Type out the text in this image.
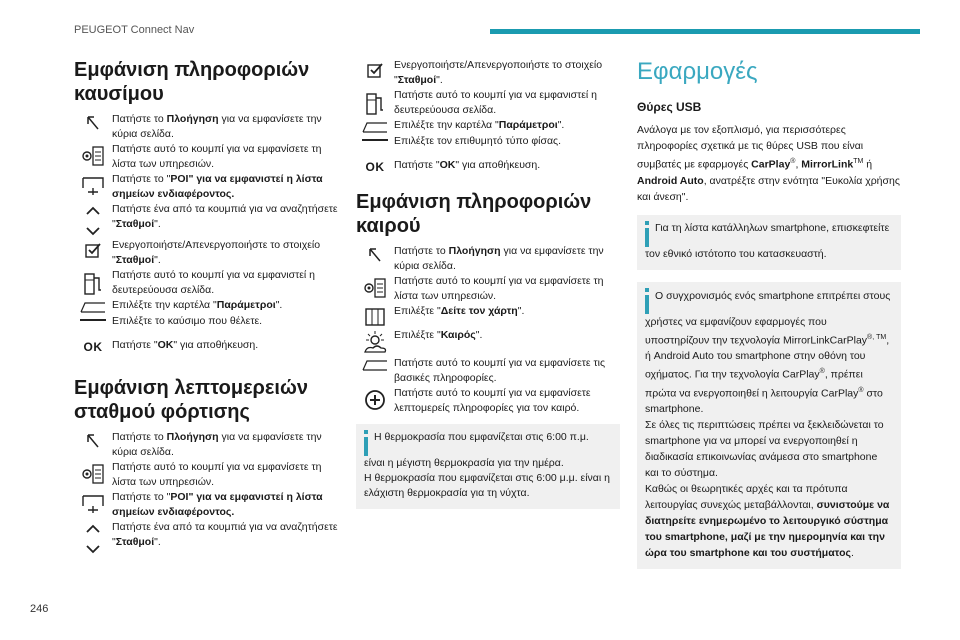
PEUGEOT Connect Nav
246
Εμφάνιση πληροφοριών καυσίμου
Πατήστε το Πλοήγηση για να εμφανίσετε την κύρια σελίδα.
Πατήστε αυτό το κουμπί για να εμφανίσετε τη λίστα των υπηρεσιών.
Πατήστε το "POI" για να εμφανιστεί η λίστα σημείων ενδιαφέροντος.
Πατήστε ένα από τα κουμπιά για να αναζητήσετε "Σταθμοί".
Ενεργοποιήστε/Απενεργοποιήστε το στοιχείο "Σταθμοί".
Πατήστε αυτό το κουμπί για να εμφανιστεί η δευτερεύουσα σελίδα.
Επιλέξτε την καρτέλα "Παράμετροι".
Επιλέξτε το καύσιμο που θέλετε.
OK Πατήστε "OK" για αποθήκευση.
Εμφάνιση λεπτομερειών σταθμού φόρτισης
Πατήστε το Πλοήγηση για να εμφανίσετε την κύρια σελίδα.
Πατήστε αυτό το κουμπί για να εμφανίσετε τη λίστα των υπηρεσιών.
Πατήστε το "POI" για να εμφανιστεί η λίστα σημείων ενδιαφέροντος.
Πατήστε ένα από τα κουμπιά για να αναζητήσετε "Σταθμοί".
Ενεργοποιήστε/Απενεργοποιήστε το στοιχείο "Σταθμοί".
Πατήστε αυτό το κουμπί για να εμφανιστεί η δευτερεύουσα σελίδα.
Επιλέξτε την καρτέλα "Παράμετροι".
Επιλέξτε τον επιθυμητό τύπο φίσας.
OK Πατήστε "OK" για αποθήκευση.
Εμφάνιση πληροφοριών καιρού
Πατήστε το Πλοήγηση για να εμφανίσετε την κύρια σελίδα.
Πατήστε αυτό το κουμπί για να εμφανίσετε τη λίστα των υπηρεσιών.
Επιλέξτε "Δείτε τον χάρτη".
Επιλέξτε "Καιρός".
Πατήστε αυτό το κουμπί για να εμφανίσετε τις βασικές πληροφορίες.
Πατήστε αυτό το κουμπί για να εμφανίσετε λεπτομερείς πληροφορίες για τον καιρό.
Η θερμοκρασία που εμφανίζεται στις 6:00 π.μ. είναι η μέγιστη θερμοκρασία για την ημέρα.
Η θερμοκρασία που εμφανίζεται στις 6:00 μ.μ. είναι η ελάχιστη θερμοκρασία για τη νύχτα.
Εφαρμογές
Θύρες USB
Ανάλογα με τον εξοπλισμό, για περισσότερες πληροφορίες σχετικά με τις θύρες USB που είναι συμβατές με εφαρμογές CarPlay®, MirrorLink™ ή Android Auto, ανατρέξτε στην ενότητα "Ευκολία χρήσης και άνεση".
Για τη λίστα κατάλληλων smartphone, επισκεφτείτε τον εθνικό ιστότοπο του κατασκευαστή.
Ο συγχρονισμός ενός smartphone επιτρέπει στους χρήστες να εμφανίζουν εφαρμογές που υποστηρίζουν την τεχνολογία MirrorLinkCarPlay®, ™, ή Android Auto του smartphone στην οθόνη του οχήματος. Για την τεχνολογία CarPlay®, πρέπει πρώτα να ενεργοποιηθεί η λειτουργία CarPlay® στο smartphone.
Σε όλες τις περιπτώσεις πρέπει να ξεκλειδώνεται το smartphone για να μπορεί να ενεργοποιηθεί η διαδικασία επικοινωνίας ανάμεσα στο smartphone και το σύστημα.
Καθώς οι θεωρητικές αρχές και τα πρότυπα λειτουργίας συνεχώς μεταβάλλονται, συνιστούμε να διατηρείτε ενημερωμένο το λειτουργικό σύστημα του smartphone, μαζί με την ημερομηνία και την ώρα του smartphone και του συστήματος.
